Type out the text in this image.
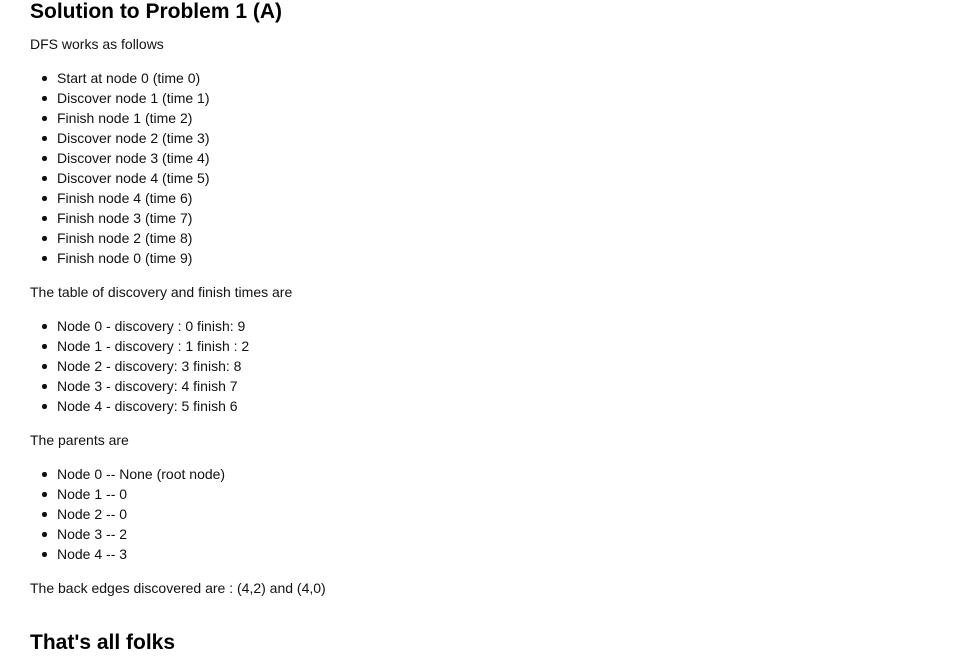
Solution to Problem 1 (A)

DFS works as follows

Start at node 0 (time 0)
Discover node 1 (time 1)
Finish node 1 (time 2)
Discover node 2 (time 3)
Discover node 3 (time 4)
Discover node 4 (time 5)
Finish node 4 (time 6)
Finish node 3 (time 7)
Finish node 2 (time 8)
Finish node 0 (time 9)

The table of discovery and finish times are

Node 0 - discovery : 0 finish: 9
Node 1 - discovery : 1 finish : 2
Node 2 - discovery: 3 finish: 8
Node 3 - discovery: 4 finish 7
Node 4 - discovery: 5 finish 6

The parents are

Node 0 -- None (root node)
Node 1 -- 0
Node 2 -- 0
Node 3 -- 2
Node 4 -- 3

The back edges discovered are : (4,2) and (4,0)

That's all folks
